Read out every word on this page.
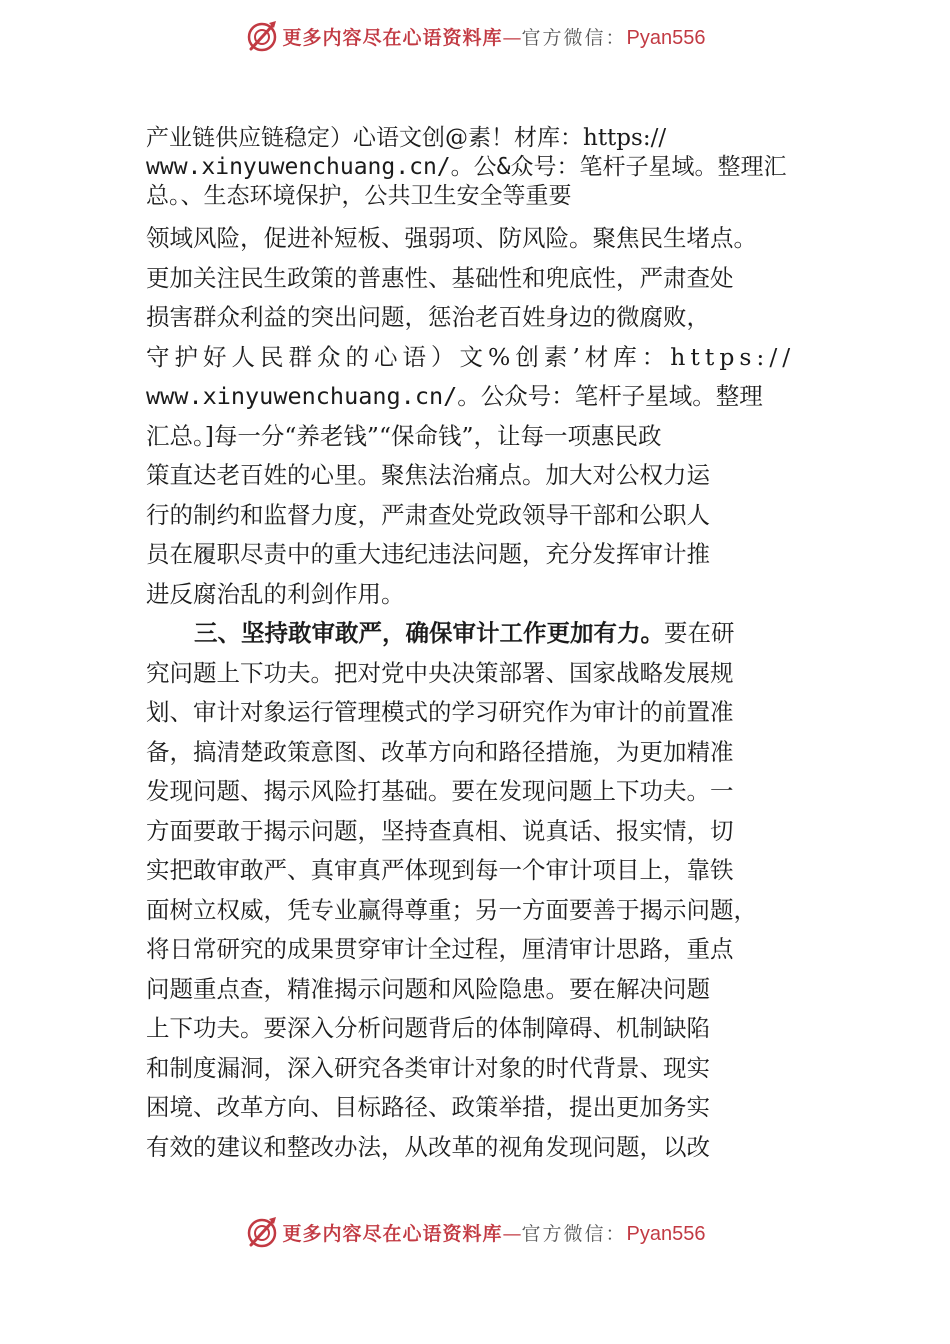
更多内容尽在心语资料库—官方微信：Pyan556
产业链供应链稳定）心语文创@素！材库：https://
www.xinyuwenchuang.cn/。公&众号：笔杆子星域。整理汇
总。、生态环境保护，公共卫生安全等重要
领域风险，促进补短板、强弱项、防风险。聚焦民生堵点。
更加关注民生政策的普惠性、基础性和兜底性，严肃查处
损害群众利益的突出问题，惩治老百姓身边的微腐败，
守护好人民群众的心语）文%创素’材库：https://
www.xinyuwenchuang.cn/。公众号：笔杆子星域。整理
汇总。]每一分“养老钱”“保命钱”，让每一项惠民政
策直达老百姓的心里。聚焦法治痛点。加大对公权力运
行的制约和监督力度，严肃查处党政领导干部和公职人
员在履职尽责中的重大违纪违法问题，充分发挥审计推
进反腐治乱的利剑作用。
三、坚持敢审敢严，确保审计工作更加有力。要在研
究问题上下功夫。把对党中央决策部署、国家战略发展规
划、审计对象运行管理模式的学习研究作为审计的前置准
备，搞清楚政策意图、改革方向和路径措施，为更加精准
发现问题、揭示风险打基础。要在发现问题上下功夫。一
方面要敢于揭示问题，坚持查真相、说真话、报实情，切
实把敢审敢严、真审真严体现到每一个审计项目上，靠铁
面树立权威，凭专业赢得尊重；另一方面要善于揭示问题，
将日常研究的成果贯穿审计全过程，厘清审计思路，重点
问题重点查，精准揭示问题和风险隐患。要在解决问题
上下功夫。要深入分析问题背后的体制障碍、机制缺陷
和制度漏洞，深入研究各类审计对象的时代背景、现实
困境、改革方向、目标路径、政策举措，提出更加务实
有效的建议和整改办法，从改革的视角发现问题，以改
更多内容尽在心语资料库—官方微信：Pyan556
